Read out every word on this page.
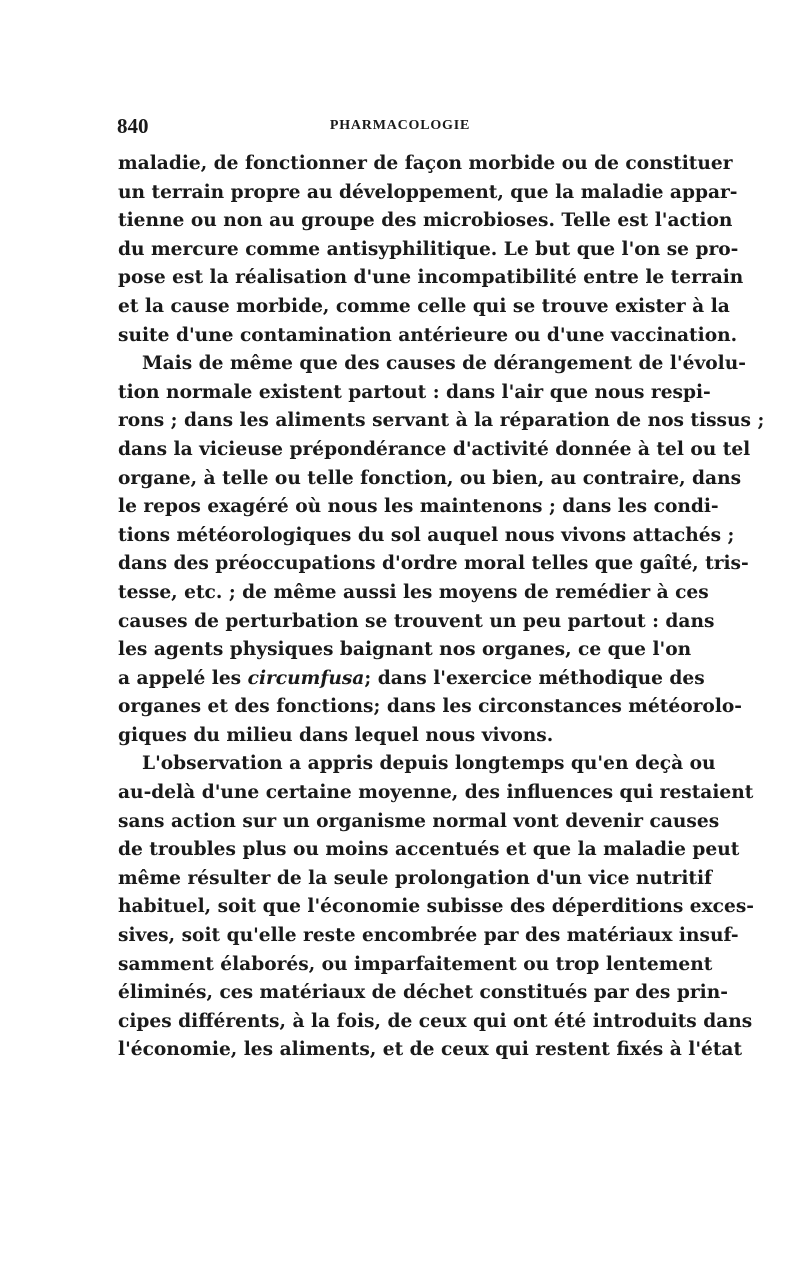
840	PHARMACOLOGIE
maladie, de fonctionner de façon morbide ou de constituer
un terrain propre au développement, que la maladie appar-
tienne ou non au groupe des microbioses. Telle est l'action
du mercure comme antisyphilitique. Le but que l'on se pro-
pose est la réalisation d'une incompatibilité entre le terrain
et la cause morbide, comme celle qui se trouve exister à la
suite d'une contamination antérieure ou d'une vaccination.
Mais de même que des causes de dérangement de l'évolu-
tion normale existent partout : dans l'air que nous respi-
rons ; dans les aliments servant à la réparation de nos tissus ;
dans la vicieuse prépondérance d'activité donnée à tel ou tel
organe, à telle ou telle fonction, ou bien, au contraire, dans
le repos exagéré où nous les maintenons ; dans les condi-
tions météorologiques du sol auquel nous vivons attachés ;
dans des préoccupations d'ordre moral telles que gaîté, tris-
tesse, etc. ; de même aussi les moyens de remédier à ces
causes de perturbation se trouvent un peu partout : dans
les agents physiques baignant nos organes, ce que l'on
a appelé les circumfusa; dans l'exercice méthodique des
organes et des fonctions; dans les circonstances météorolo-
giques du milieu dans lequel nous vivons.
L'observation a appris depuis longtemps qu'en deçà ou
au-delà d'une certaine moyenne, des influences qui restaient
sans action sur un organisme normal vont devenir causes
de troubles plus ou moins accentués et que la maladie peut
même résulter de la seule prolongation d'un vice nutritif
habituel, soit que l'économie subisse des déperditions exces-
sives, soit qu'elle reste encombrée par des matériaux insuf-
samment élaborés, ou imparfaitement ou trop lentement
éliminés, ces matériaux de déchet constitués par des prin-
cipes différents, à la fois, de ceux qui ont été introduits dans
l'économie, les aliments, et de ceux qui restent fixés à l'état
